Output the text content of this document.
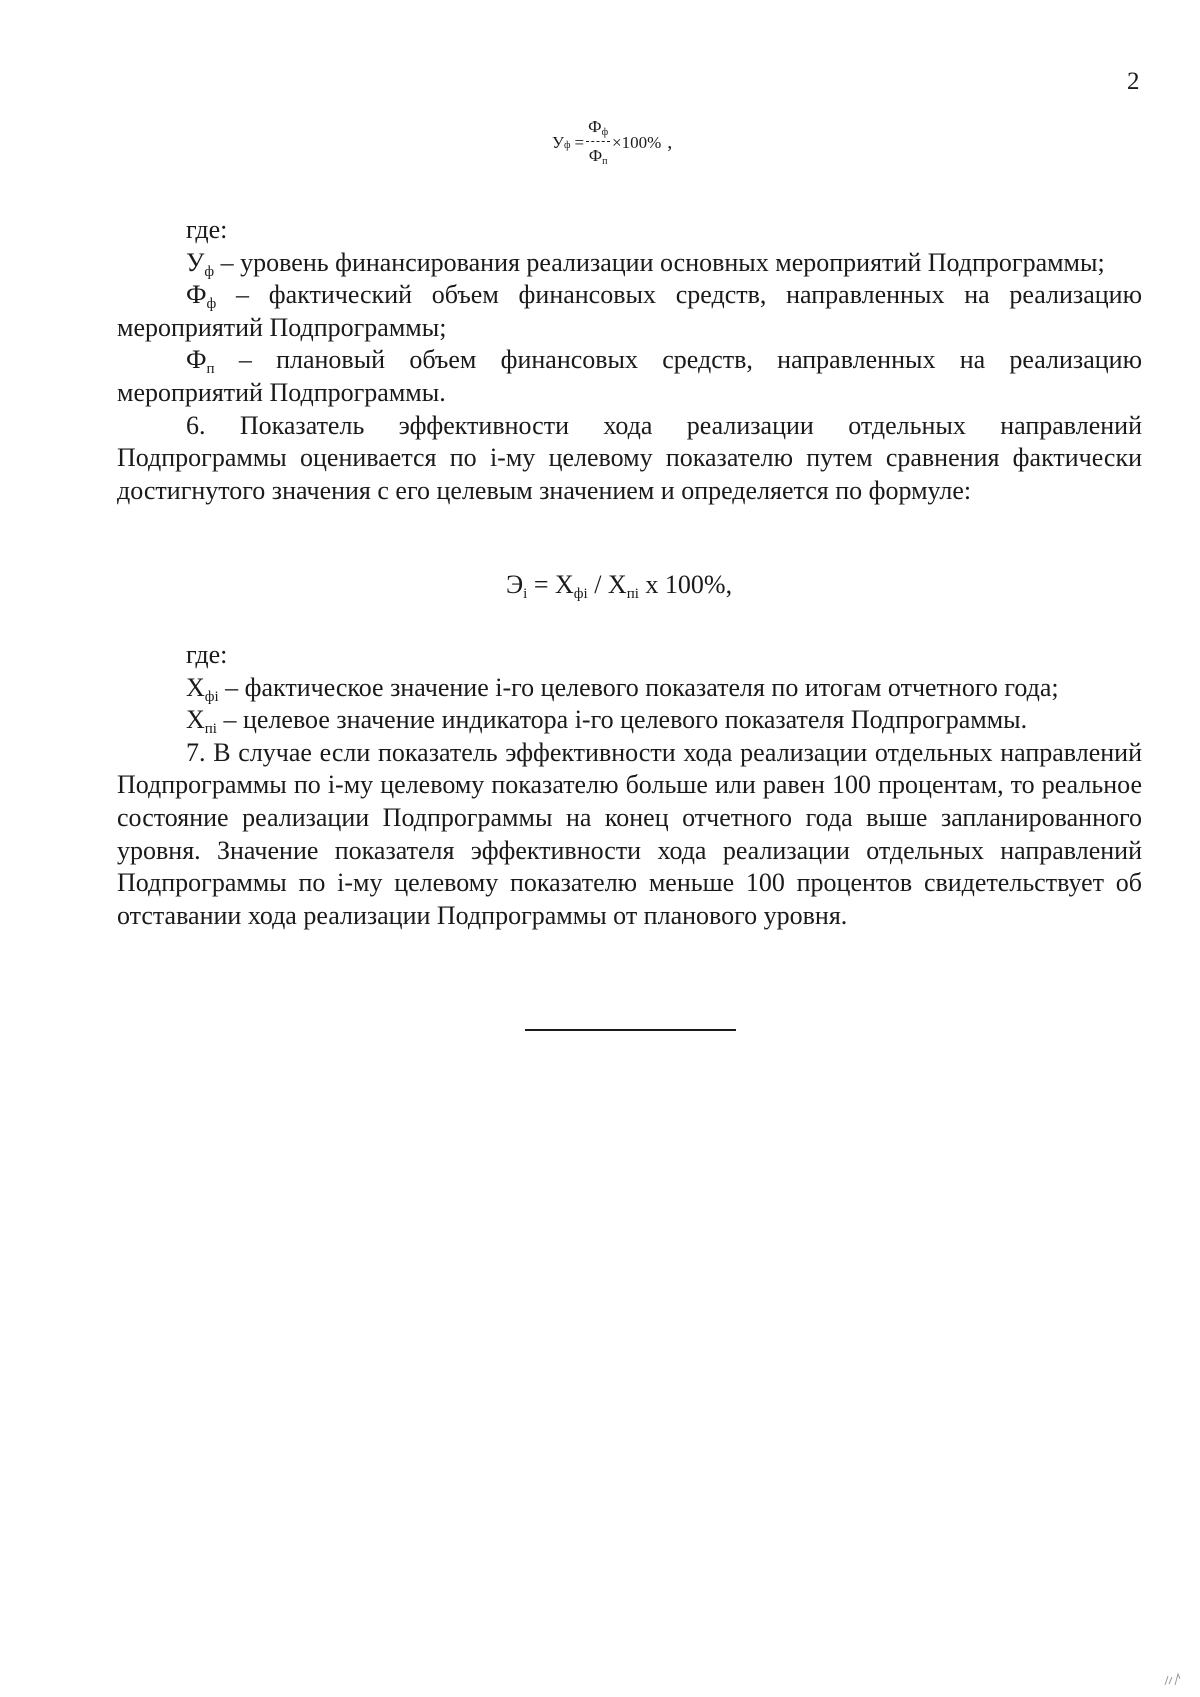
2
У $ф = \frac{Фф}{Фп} \times 100\%$ ,

где:

$У_ф$ – уровень финансирования реализации основных мероприятий Подпрограммы;

$Ф_ф$ – фактический объем финансовых средств, направленных на реализацию мероприятий Подпрограммы;

$Ф_п$ – плановый объем финансовых средств, направленных на реализацию мероприятий Подпрограммы.

6. Показатель эффективности хода реализации отдельных направлений Подпрограммы оценивается по i-му целевому показателю путем сравнения фактически достигнутого значения с его целевым значением и определяется по формуле:

$Э_i = Х_{фi} / Х_{пi}$ х 100%,

где:

$Х_{фi}$ – фактическое значение i-го целевого показателя по итогам отчетного года;

$Х_{пi}$ – целевое значение индикатора i-го целевого показателя Подпрограммы.

7. В случае если показатель эффективности хода реализации отдельных направлений Подпрограммы по i-му целевому показателю больше или равен 100 процентам, то реальное состояние реализации Подпрограммы на конец отчетного года выше запланированного уровня. Значение показателя эффективности хода реализации отдельных направлений Подпрограммы по i-му целевому показателю меньше 100 процентов свидетельствует об отставании хода реализации Подпрограммы от планового уровня.
